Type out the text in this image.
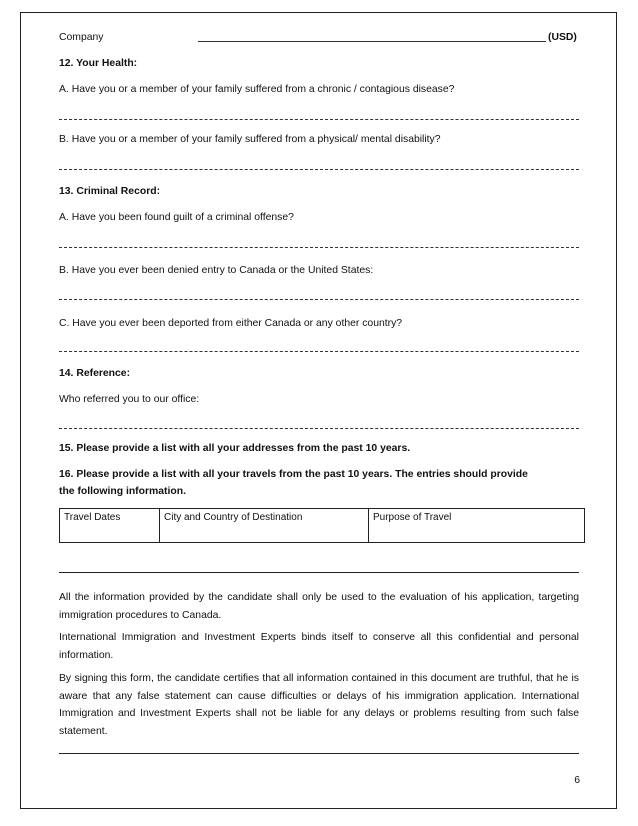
Company	(USD)
12. Your Health:
A. Have you or a member of your family suffered from a chronic / contagious disease?
B. Have you or a member of your family suffered from a physical/ mental disability?
13. Criminal Record:
A. Have you been found guilt of a criminal offense?
B. Have you ever been denied entry to Canada or the United States:
C. Have you ever been deported from either Canada or any other country?
14. Reference:
Who referred you to our office:
15. Please provide a list with all your addresses from the past 10 years.
16. Please provide a list with all your travels from the past 10 years. The entries should provide
the following information.
Travel Dates	City and Country of Destination	Purpose of Travel
All the information provided by the candidate shall only be used to the evaluation of his application, targeting immigration procedures to Canada.
International Immigration and Investment Experts binds itself to conserve all this confidential and personal information.
By signing this form, the candidate certifies that all information contained in this document are truthful, that he is aware that any false statement can cause difficulties or delays of his immigration application. International Immigration and Investment Experts shall not be liable for any delays or problems resulting from such false statement.
6
